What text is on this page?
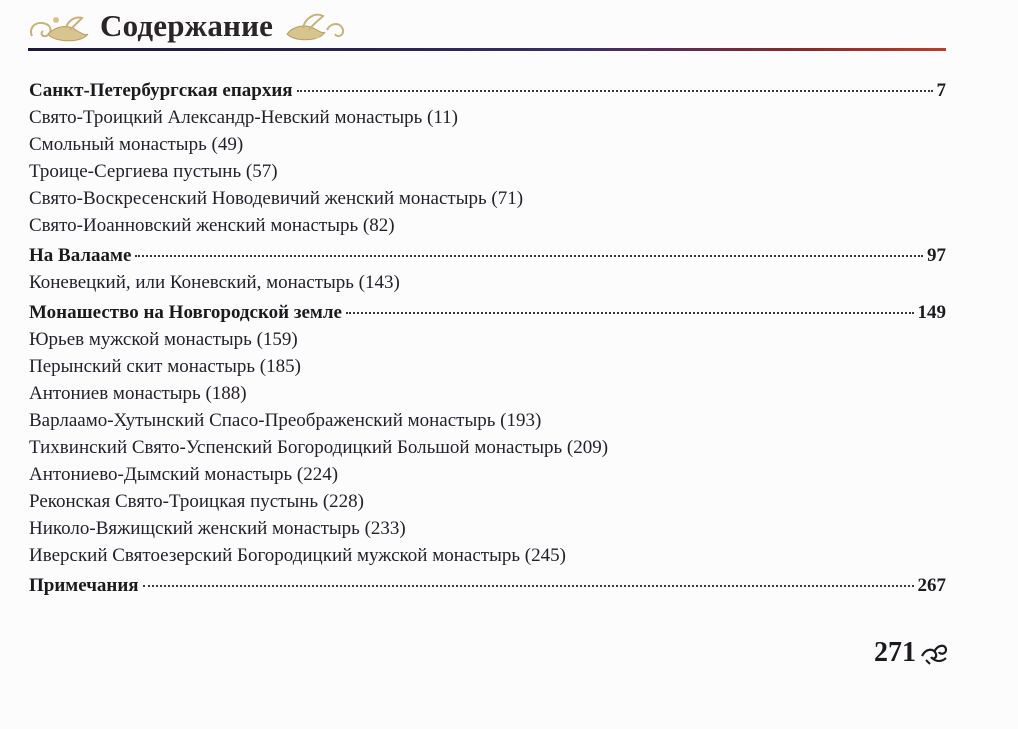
Содержание
Санкт-Петербургская епархия	7
Свято-Троицкий Александр-Невский монастырь (11)
Смольный монастырь (49)
Троице-Сергиева пустынь (57)
Свято-Воскресенский Новодевичий женский монастырь (71)
Свято-Иоанновский женский монастырь (82)
На Валааме	97
Коневецкий, или Коневский, монастырь (143)
Монашество на Новгородской земле	149
Юрьев мужской монастырь (159)
Перынский скит монастырь (185)
Антониев монастырь (188)
Варлаамо-Хутынский Спасо-Преображенский монастырь (193)
Тихвинский Свято-Успенский Богородицкий Большой монастырь (209)
Антониево-Дымский монастырь (224)
Реконская Свято-Троицкая пустынь (228)
Николо-Вяжищский женский монастырь (233)
Иверский Святоезерский Богородицкий мужской монастырь (245)
Примечания	267
271
